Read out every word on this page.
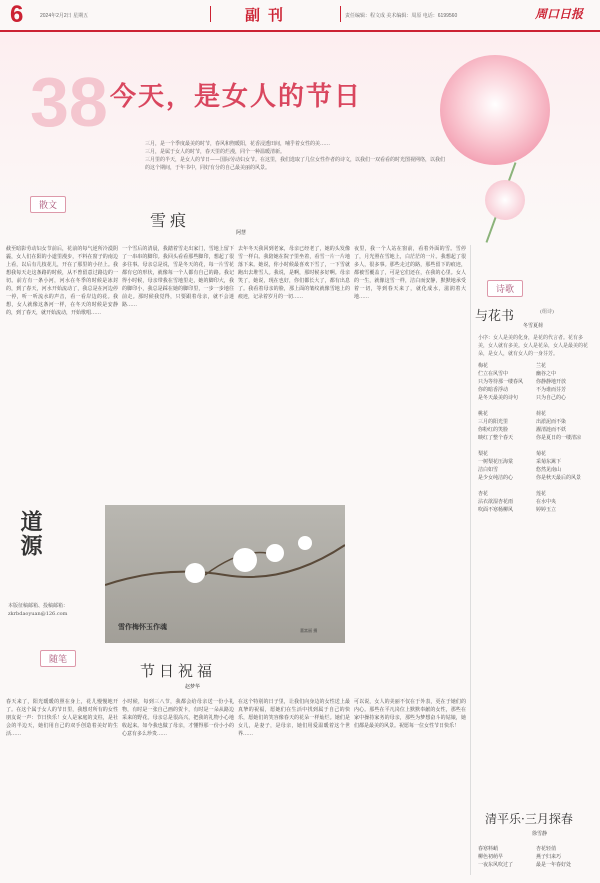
6	2024年2月2日 星期五	副刊	责任编辑：程文成 美术编辑：周原 电话：6199560	周口日报
38 今天，是女人的节日
三月，是一个季度最美的时节，春风和煦暖阳，花香浸透田间，哺乎着女性的美……
三月，是属于女人的时节，春天里的烂漫，同个一种温暖清新。
三月里的半天，是女人的节日——国际劳动妇女节。在这里，我们选取了几位女性作者的诗文，以我们一双看看的时光图视网络，以我们的这个期间，于年书中，同好有分的自己最美丽的风景。
散文
雪痕
阿慧
截至暗影劳动妇女节前后，花前的每气逆所冷漠阴霾，女人们在阳的小道里漫步，不料在窗子的南边上看，以后有几枝花儿，开在了那里的小径上。我想我每天走这条路的时候，从不曾留意过路边的一切。前方有一条小河，河水在冬季的时候是冰封的，到了春天，河水开始流动了，我总是在河边停一停，听一听流水的声音，看一看岸边的花。我想，女人就像这条河一样，在冬天的时候是安静的，到了春天，就开始流动，开始歌唱……
一个雪后的清晨，我踏着雪走出家门，雪地上留下了一串串的脚印。我回头看看那些脚印，想起了很多往事。母亲总是说，雪是冬天的花，每一片雪花都有它的形状，就像每一个人都有自己的路。我记得小时候，母亲带我在雪地里走，她的脚印大，我的脚印小，我总是踩在她的脚印里，一步一步地往前走。那时候我觉得，只要跟着母亲，就不会迷路……
去年冬天我回到老家，母亲已经老了，她的头发像雪一样白。我陪她在院子里坐着，看雪一片一片地落下来。她说，你小时候最喜欢下雪了，一下雪就跑出去堆雪人。我说，是啊，那时候多好啊。母亲笑了，她说，现在也好，你们都长大了，都有出息了。我看着母亲的脸，那上面的皱纹就像雪地上的痕迹，记录着岁月的一切……
夜里，我一个人站在窗前，看着外面的雪。雪停了，月光照在雪地上，白茫茫的一片。我想起了很多人，很多事。那些走过的路，那些留下的痕迹，都被雪覆盖了，可是它们还在，在我的心里。女人的一生，就像这雪一样，洁白而安静，默默地承受着一切，等到春天来了，就化成水，滋润着大地……
道源
本版征稿邮箱、投稿邮箱：zkrbdaoyuan@126.com
雪作梅怀玉作魂	董富丽 摄
随笔
节日祝福
赵梦华
春天来了，阳光暖暖的照在身上，花儿慢慢地开了。在这个属于女人的节日里，我想对所有的女性朋友说一声：节日快乐！女人是家庭的支柱，是社会的半边天，她们用自己的双手创造着美好的生活……
小时候，每到三八节，我都会给母亲送一份小礼物，有时是一张自己画的贺卡，有时是一朵从路边采来的野花。母亲总是很高兴，把我的礼物小心地收起来。如今我也做了母亲，才懂得那一份小小的心意有多么珍贵……
在这个特别的日子里，让我们向身边的女性送上最真挚的祝福，愿她们在生活中找到属于自己的快乐，愿她们的笑容像春天的花朵一样灿烂。她们是女儿，是妻子，是母亲，她们用爱温暖着这个世界……
可以说，女人的美丽不仅在于外表，更在于她们的内心。那些在平凡岗位上默默奉献的女性，那些在家中操持家务的母亲，那些为梦想奋斗的姑娘，她们都是最美的风景。祝愿每一位女性节日快乐！
诗歌
与花书	(组诗)
冬雪夏荷
小序：女人是美的化身，是花的代言者。花有多美，女人就有多美。女人是花朵，女人是最美的花朵，是女人，就有女人的一身芬芳。
梅花
伫立在风雪中
只为等待那一缕春风
你的暗香浮动
是冬天最美的诗句

桃花
三月的阳光里
你粉红的笑脸
映红了整个春天

梨花
一树梨花压海棠
洁白如雪
是少女纯洁的心

杏花
沾衣欲湿杏花雨
吹面不寒杨柳风
兰花
幽谷之中
你静静地开放
不为谁而芬芳
只为自己的心

荷花
出淤泥而不染
濯清涟而不妖
你是夏日的一缕清凉

菊花
采菊东篱下
悠然见南山
你是秋天最后的风景

莲花
在水中央
婷婷玉立
清平乐·三月探春
徐雪静
春寒料峭
柳色初萌早
一夜东风吹过了
杏花轻俏
燕子归来巧
最是一年春好处
